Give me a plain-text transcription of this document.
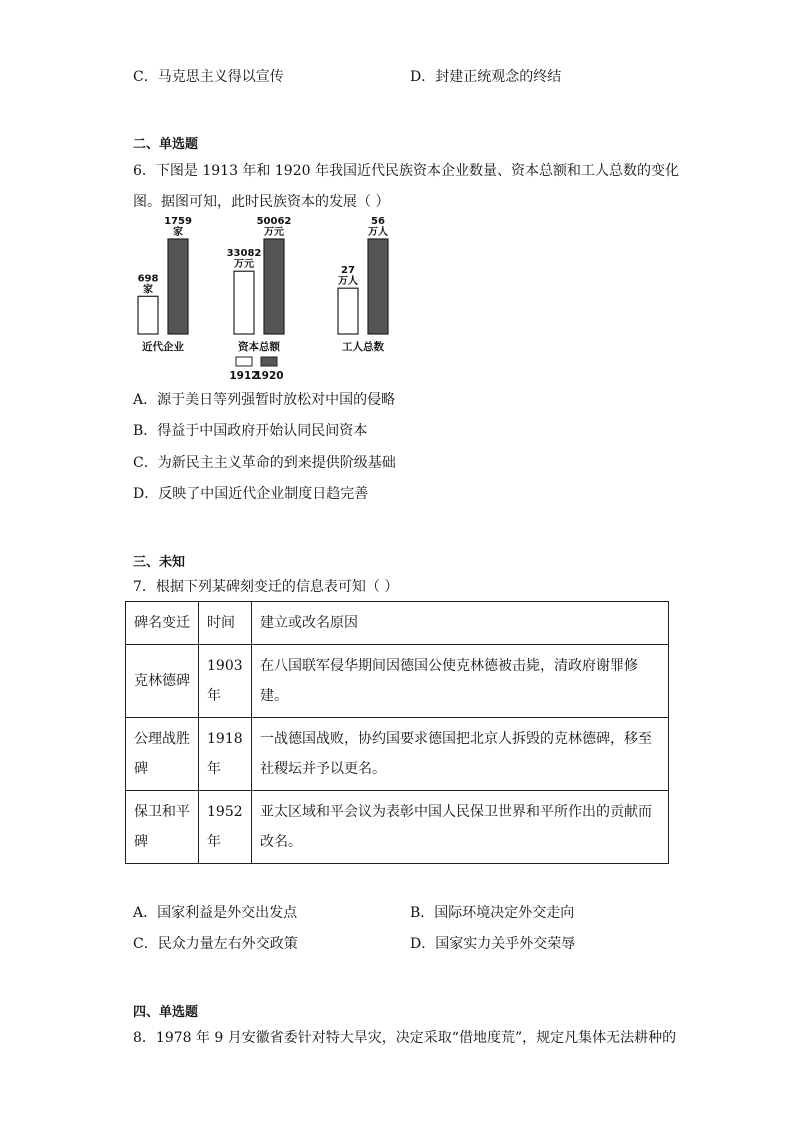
C．马克思主义得以宣传	D．封建正统观念的终结
二、单选题
6．下图是 1913 年和 1920 年我国近代民族资本企业数量、资本总额和工人总数的变化
图。据图可知，此时民族资本的发展（ ）
698
家
1759
家
近代企业
33082
万元
50062
万元
资本总额
27
万人
56
万人
工人总数
1912
1920
A．源于美日等列强暂时放松对中国的侵略
B．得益于中国政府开始认同民间资本
C．为新民主主义革命的到来提供阶级基础
D．反映了中国近代企业制度日趋完善
三、未知
7．根据下列某碑刻变迁的信息表可知（ ）
碑名变迁	时间	建立或改名原因
克林德碑	1903年	在八国联军侵华期间因德国公使克林德被击毙，清政府谢罪修建。
公理战胜碑	1918年	一战德国战败，协约国要求德国把北京人拆毁的克林德碑，移至社稷坛并予以更名。
保卫和平碑	1952年	亚太区域和平会议为表彰中国人民保卫世界和平所作出的贡献而改名。
A．国家利益是外交出发点	B．国际环境决定外交走向
C．民众力量左右外交政策	D．国家实力关乎外交荣辱
四、单选题
8．1978 年 9 月安徽省委针对特大旱灾，决定采取“借地度荒”，规定凡集体无法耕种的
